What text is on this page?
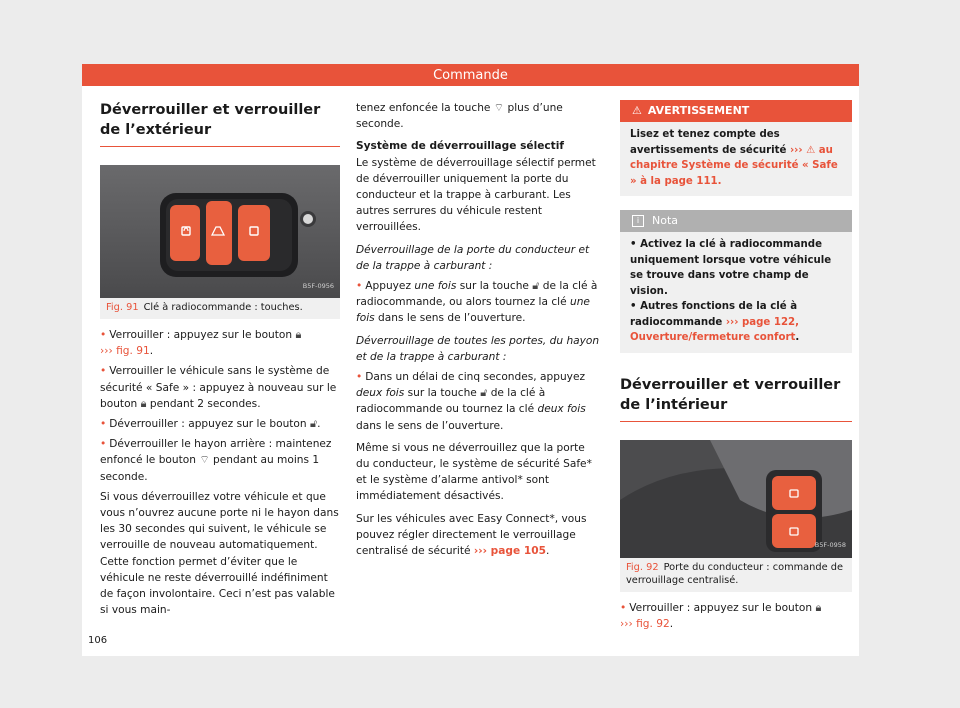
Commande
Déverrouiller et verrouiller de l’extérieur
B5F-0956
Fig. 91 Clé à radiocommande : touches.

• Verrouiller : appuyez sur le bouton 🔒︎
››› fig. 91.

• Verrouiller le véhicule sans le système de sécurité « Safe » : appuyez à nouveau sur le bouton 🔒︎ pendant 2 secondes.

• Déverrouiller : appuyez sur le bouton 🔓︎.

• Déverrouiller le hayon arrière : maintenez enfoncé le bouton ⌔ pendant au moins 1 seconde.

Si vous déverrouillez votre véhicule et que vous n’ouvrez aucune porte ni le hayon dans les 30 secondes qui suivent, le véhicule se verrouille de nouveau automatiquement. Cette fonction permet d’éviter que le véhicule ne reste déverrouillé indéfiniment de façon involontaire. Ceci n’est pas valable si vous main-

tenez enfoncée la touche ⌔ plus d’une seconde.

Système de déverrouillage sélectif

Le système de déverrouillage sélectif permet de déverrouiller uniquement la porte du conducteur et la trappe à carburant. Les autres serrures du véhicule restent verrouillées.

Déverrouillage de la porte du conducteur et de la trappe à carburant :

• Appuyez une fois sur la touche 🔓︎ de la clé à radiocommande, ou alors tournez la clé une fois dans le sens de l’ouverture.

Déverrouillage de toutes les portes, du hayon et de la trappe à carburant :

• Dans un délai de cinq secondes, appuyez deux fois sur la touche 🔓︎ de la clé à radiocommande ou tournez la clé deux fois dans le sens de l’ouverture.

Même si vous ne déverrouillez que la porte du conducteur, le système de sécurité Safe* et le système d’alarme antivol* sont immédiatement désactivés.

Sur les véhicules avec Easy Connect*, vous pouvez régler directement le verrouillage centralisé de sécurité ››› page 105.

⚠︎ AVERTISSEMENT
Lisez et tenez compte des avertissements de sécurité ››› ⚠︎ au chapitre Système de sécurité « Safe » à la page 111.
i	Nota

• Activez la clé à radiocommande uniquement lorsque votre véhicule se trouve dans votre champ de vision.

• Autres fonctions de la clé à radiocommande ››› page 122, Ouverture/fermeture confort.

Déverrouiller et verrouiller de l’intérieur
B5F-0958
Fig. 92 Porte du conducteur : commande de verrouillage centralisé.

• Verrouiller : appuyez sur le bouton 🔒︎
››› fig. 92.

106
